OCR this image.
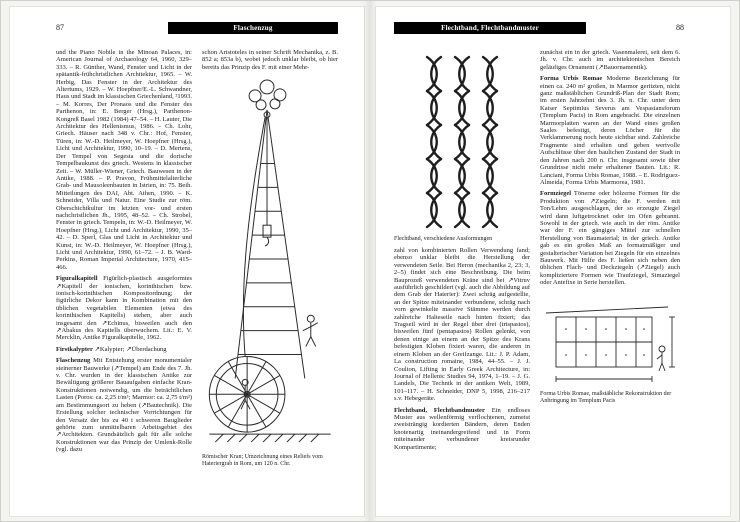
87	Flaschenzug

und the Piano Nobile in the Minoan Palaces, in: American Journal of Archaeology 64, 1960, 329–333. – R. Günther, Wand, Fenster und Licht in der spätantik-frühchristlichen Architektur, 1965. – W. Herbig, Das Fenster in der Architektur des Altertums, 1929. – W. Hoepfner/E.-L. Schwandner, Haus und Stadt im klassischen Griechenland, ²1993. – M. Korres, Der Pronaos und die Fenster des Parthenon, in: E. Berger (Hrsg.), Parthenon-Kongreß Basel 1982 (1984) 47–54. – H. Lauter, Die Architektur des Hellenismus, 1986. – Ch. Lohr, Griech. Häuser nach 348 v. Chr.: Hof, Fenster, Türen, in: W.-D. Heilmeyer, W. Hoepfner (Hrsg.), Licht und Architektur, 1990, 10–19. – D. Mertens, Der Tempel von Segesta und die dorische Tempelbaukunst des griech. Westens in klassischer Zeit. – W. Müller-Wiener, Griech. Bauwesen in der Antike, 1988. – P. Pravon, Frühmittelalterliche Grab- und Mausoleenbauten in Istrien, in: 75. Beih. Mitteilungen des DAI, Abt. Athen, 1990. – K. Schneider, Villa und Natur. Eine Studie zur röm. Oberschichtkultur im letzten vor- und ersten nachchristlichen Jh., 1995, 48–52. – Ch. Strobel, Fenster in griech. Tempeln, in: W.-D. Heilmeyer, W. Hoepfner (Hrsg.), Licht und Architektur, 1990, 35–42. – D. Sperl, Glas und Licht in Architektur und Kunst, in: W.-D. Heilmeyer, W. Hoepfner (Hrsg.), Licht und Architektur, 1990, 61–72. – J. B. Ward-Perkins, Roman Imperial Architecture, 1970, 415–466.

Figuralkapitell Figürlich-plastisch ausgeformtes ↗Kapitell der ionischen, korinthischen bzw. ionisch-korinthischen Kompositordnung; der figürliche Dekor kann in Kombination mit den üblichen vegetabilen Elementen (etwa des korinthischen Kapitells) stehen, aber auch insgesamt den ↗Echinus, bisweilen auch den ↗Abakus des Kapitells überwuchern. Lit.: E. V. Mercklin, Antike Figuralkapitelle, 1962.

Firstkalypter ↗Kalypter; ↗Überdachung

Flaschenzug Mit Entstehung erster monumentaler steinerner Bauwerke (↗Tempel) am Ende des 7. Jh. v. Chr. wurden in der klassischen Antike zur Bewältigung größerer Bauaufgaben einfache Kran-Konstruktionen notwendig, um die beträchtlichen Lasten (Poros: ca. 2,25 t/m³; Marmor: ca. 2,75 t/m³) am Bestimmungsort zu heben (↗Bautechnik). Die Erstellung solcher technischer Vorrichtungen für den Versatz der bis zu 40 t schweren Bauglieder gehörte zum unmittelbaren Arbeitsgebiet des ↗Architekten. Grundsätzlich galt für alle solche Konstruktionen war das Prinzip der Umlenk-Rolle (vgl. dazu

schon Aristoteles in seiner Schrift Mechanika, z. B. 852 a; 853a b), wobei jedoch unklar bleibt, ob hier bereits das Prinzip des F. mit einer Mehr-

Römischer Kran; Umzeichnung eines Reliefs vom Hateriergrab in Rom, um 120 n. Chr.

88
Flechtband, Flechtbandmuster

Flechtband, verschiedene Ausformungen

zahl von kombinierten Rollen Verwendung fand; ebenso unklar bleibt die Herstellung der verwendeten Seile. Bei Heron (mechanika 2, 23; 3, 2–5) findet sich eine Beschreibung. Die beim Bauprozeß verwendeten Kräne sind bei ↗Vitruv ausführlich geschildert (vgl. auch die Abbildung auf dem Grab der Haterier): Zwei schräg aufgestellte, an der Spitze miteinander verbundene, schräg nach vorn gewinkelte massive Stämme werden durch zahlreiche Halteseile nach hinten fixiert; das Tragseil wird in der Regel über drei (trispastos), bisweilen fünf (pentapastos) Rollen gelenkt, von denen einige an einem an der Spitze des Krans befestigten Kloben fixiert waren, die anderen in einem Kloben an der Greifzange. Lit.: J. P. Adam, La construction romaine, 1984, 44–55. – J. J. Coulton, Lifting in Early Greek Architecture, in: Journal of Hellenic Studies 94, 1974, 1–19. – J. G. Landels, Die Technik in der antiken Welt, 1989, 101–117. – H. Schneider, DNP 5, 1998, 216–217 s.v. Hebegeräte.

Flechtband, Flechtbandmuster Ein endloses Muster aus wellenförmig verflochtenen, zumeist zweisträngig kordierten Bändern, deren Enden knotenartig ineinandergreifend und in Form miteinander verbundener kreisrunder Kompartimente;

zunächst ein in der griech. Vasenmalerei, seit dem 6. Jh. v. Chr. auch im architektonischen Bereich geläufiges Ornament (↗Bauornamentik).

Forma Urbis Romae Moderne Bezeichnung für einen ca. 240 m² großen, in Marmor geritzten, nicht ganz maßstäblichen Grundriß-Plan der Stadt Rom; im ersten Jahrzehnt des 3. Jh. n. Chr. unter dem Kaiser Septimius Severus am Vespasiansforum (Templum Pacis) in Rom angebracht. Die einzelnen Marmorplatten waren an der Wand eines großen Saales befestigt, deren Löcher für die Verklammerung noch heute sichtbar sind. Zahlreiche Fragmente sind erhalten und geben wertvolle Aufschlüsse über den baulichen Zustand der Stadt in den Jahren nach 200 n. Chr. insgesamt sowie über Grundrisse nicht mehr erhaltener Bauten. Lit.: R. Lanciani, Forma Urbis Romae, 1988. – E. Rodriguez-Almeida, Forma Urbis Marmorea, 1981.

Formziegel Tönerne oder hölzerne Formen für die Produktion von ↗Ziegeln; die F. werden mit Ton/Lehm ausgeschlagen, der so erzeugte Ziegel wird dann luftgetrocknet oder im Ofen gebrannt. Sowohl in der griech. wie auch in der röm. Antike war der F. ein gängiges Mittel zur schnellen Herstellung von Baumaterial; in der griech. Antike gab es ein großes Maß an formatmäßiger und gestalterischer Variation bei Ziegeln für ein einzelnes Bauwerk. Mit Hilfe des F. ließen sich neben den üblichen Flach- und Deckziegeln (↗Ziegel) auch kompliziertere Formen wie Traufziegel, Simaziegel oder Antefixe in Serie herstellen.

Forma Urbis Romae, maßstäbliche Rekonstruktion der Anbringung im Templum Pacis
